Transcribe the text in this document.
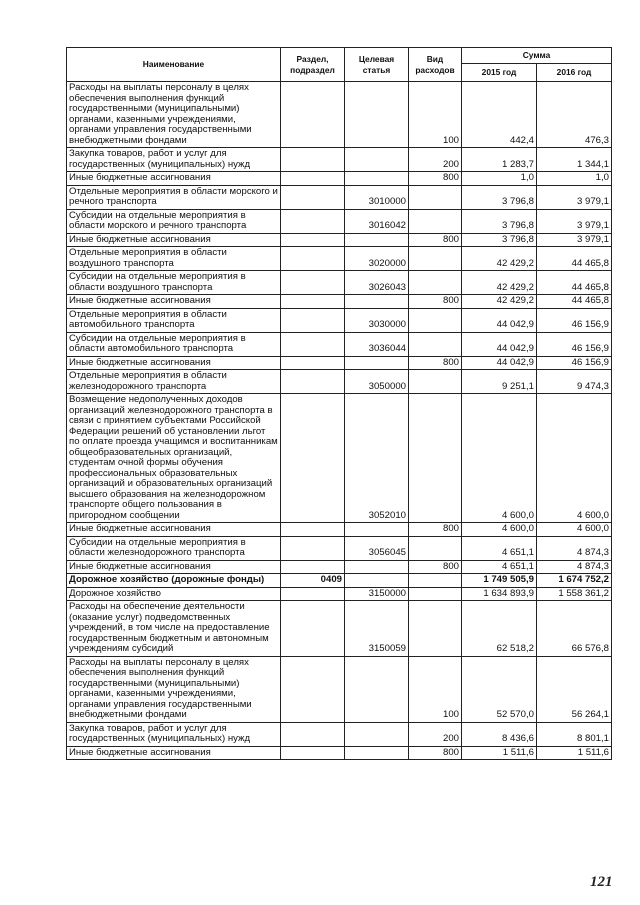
Наименование	Раздел, подраздел	Целевая статья	Вид расходов	Сумма	
				2015 год	2016 год
Расходы на выплаты персоналу в целях обеспечения выполнения функций государственными (муниципальными) органами, казенными учреждениями, органами управления государственными внебюджетными фондами			100	442,4	476,3
Закупка товаров, работ и услуг для государственных (муниципальных) нужд			200	1 283,7	1 344,1
Иные бюджетные ассигнования			800	1,0	1,0
Отдельные мероприятия в области морского и речного транспорта		3010000		3 796,8	3 979,1
Субсидии на отдельные мероприятия в области морского и речного транспорта		3016042		3 796,8	3 979,1
Иные бюджетные ассигнования			800	3 796,8	3 979,1
Отдельные мероприятия в области воздушного транспорта		3020000		42 429,2	44 465,8
Субсидии на отдельные мероприятия в области воздушного транспорта		3026043		42 429,2	44 465,8
Иные бюджетные ассигнования			800	42 429,2	44 465,8
Отдельные мероприятия в области автомобильного транспорта		3030000		44 042,9	46 156,9
Субсидии на отдельные мероприятия в области автомобильного транспорта		3036044		44 042,9	46 156,9
Иные бюджетные ассигнования			800	44 042,9	46 156,9
Отдельные мероприятия в области железнодорожного транспорта		3050000		9 251,1	9 474,3
Возмещение недополученных доходов организаций железнодорожного транспорта в связи с принятием субъектами Российской Федерации решений об установлении льгот по оплате проезда учащимся и воспитанникам общеобразовательных организаций, студентам очной формы обучения профессиональных образовательных организаций и образовательных организаций высшего образования на железнодорожном транспорте общего пользования в пригородном сообщении		3052010		4 600,0	4 600,0
Иные бюджетные ассигнования			800	4 600,0	4 600,0
Субсидии на отдельные мероприятия в области железнодорожного транспорта		3056045		4 651,1	4 874,3
Иные бюджетные ассигнования			800	4 651,1	4 874,3
Дорожное хозяйство (дорожные фонды)	0409			1 749 505,9	1 674 752,2
Дорожное хозяйство		3150000		1 634 893,9	1 558 361,2
Расходы на обеспечение деятельности (оказание услуг) подведомственных учреждений, в том числе на предоставление государственным бюджетным и автономным учреждениям субсидий		3150059		62 518,2	66 576,8
Расходы на выплаты персоналу в целях обеспечения выполнения функций государственными (муниципальными) органами, казенными учреждениями, органами управления государственными внебюджетными фондами			100	52 570,0	56 264,1
Закупка товаров, работ и услуг для государственных (муниципальных) нужд			200	8 436,6	8 801,1
Иные бюджетные ассигнования			800	1 511,6	1 511,6
121
